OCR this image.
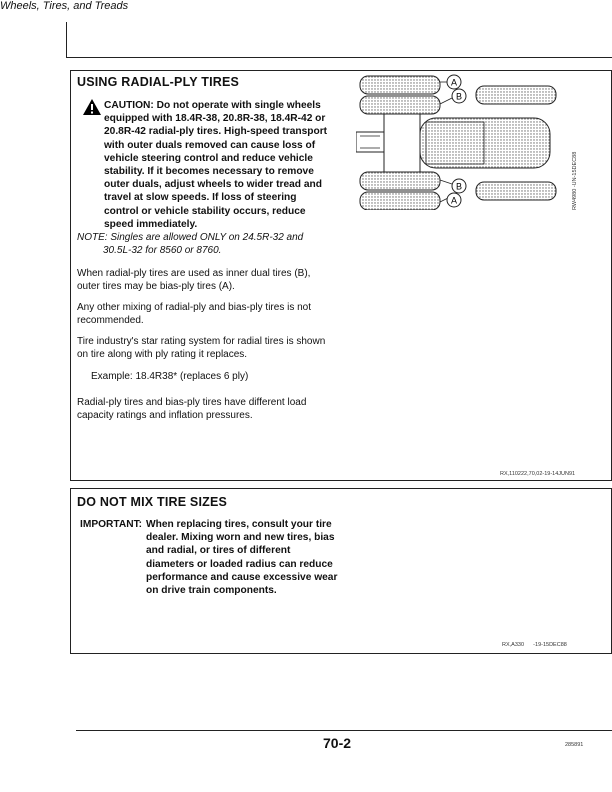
Wheels, Tires, and Treads
USING RADIAL-PLY TIRES
CAUTION: Do not operate with single wheels
equipped with 18.4R-38, 20.8R-38, 18.4R-42 or
20.8R-42 radial-ply tires. High-speed transport
with outer duals removed can cause loss of
vehicle steering control and reduce vehicle
stability. If it becomes necessary to remove
outer duals, adjust wheels to wider tread and
travel at slow speeds. If loss of steering
control or vehicle stability occurs, reduce
speed immediately.
NOTE: Singles are allowed ONLY on 24.5R-32 and
30.5L-32 for 8560 or 8760.
When radial-ply tires are used as inner dual tires (B),
outer tires may be bias-ply tires (A).
Any other mixing of radial-ply and bias-ply tires is not
recommended.
Tire industry's star rating system for radial tires is shown
on tire along with ply rating it replaces.
Example: 18.4R38* (replaces 6 ply)
Radial-ply tires and bias-ply tires have different load
capacity ratings and inflation pressures.
RX,110222,70,02-19-14JUN91
A
B
B
A	RW4980 -UN-15DEC88
DO NOT MIX TIRE SIZES
IMPORTANT: When replacing tires, consult your tire
dealer. Mixing worn and new tires, bias
and radial, or tires of different
diameters or loaded radius can reduce
performance and cause excessive wear
on drive train components.
RX,A330      -19-15DEC88
70-2	285891
